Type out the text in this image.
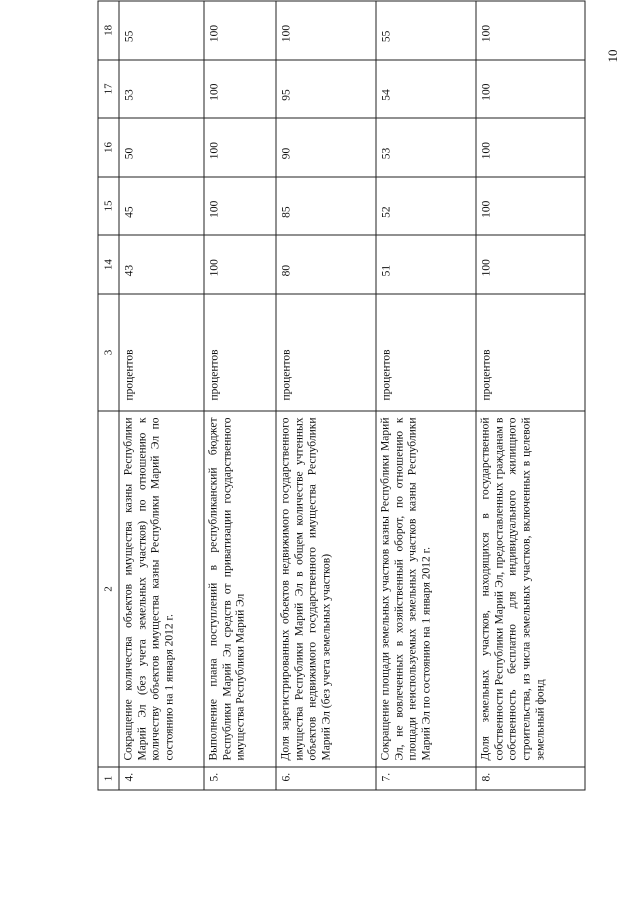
10
1	2	3	14	15	16	17	18
4.	Сокращение количества объектов имущества казны Республики Марий Эл (без учета земельных участков) по отношению к количеству объектов имущества казны Республики Марий Эл по состоянию на 1 января 2012 г.	процентов	43	45	50	53	55
5.	Выполнение плана поступлений в республиканский бюджет Республики Марий Эл средств от приватизации государственного имущества Республики Марий Эл	процентов	100	100	100	100	100
6.	Доля зарегистрированных объектов недвижимого государственного имущества Республики Марий Эл в общем количестве учтенных объектов недвижимого государственного имущества Республики Марий Эл (без учета земельных участков)	процентов	80	85	90	95	100
7.	Сокращение площади земельных участков казны Республики Марий Эл, не вовлеченных в хозяйственный оборот, по отношению к площади неиспользуемых земельных участков казны Республики Марий Эл по состоянию на 1 января 2012 г.	процентов	51	52	53	54	55
8.	Доля земельных участков, находящихся в государственной собственности Республики Марий Эл, предоставленных гражданам в собственность бесплатно для индивидуального жилищного строительства, из числа земельных участков, включенных в целевой земельный фонд	процентов	100	100	100	100	100
